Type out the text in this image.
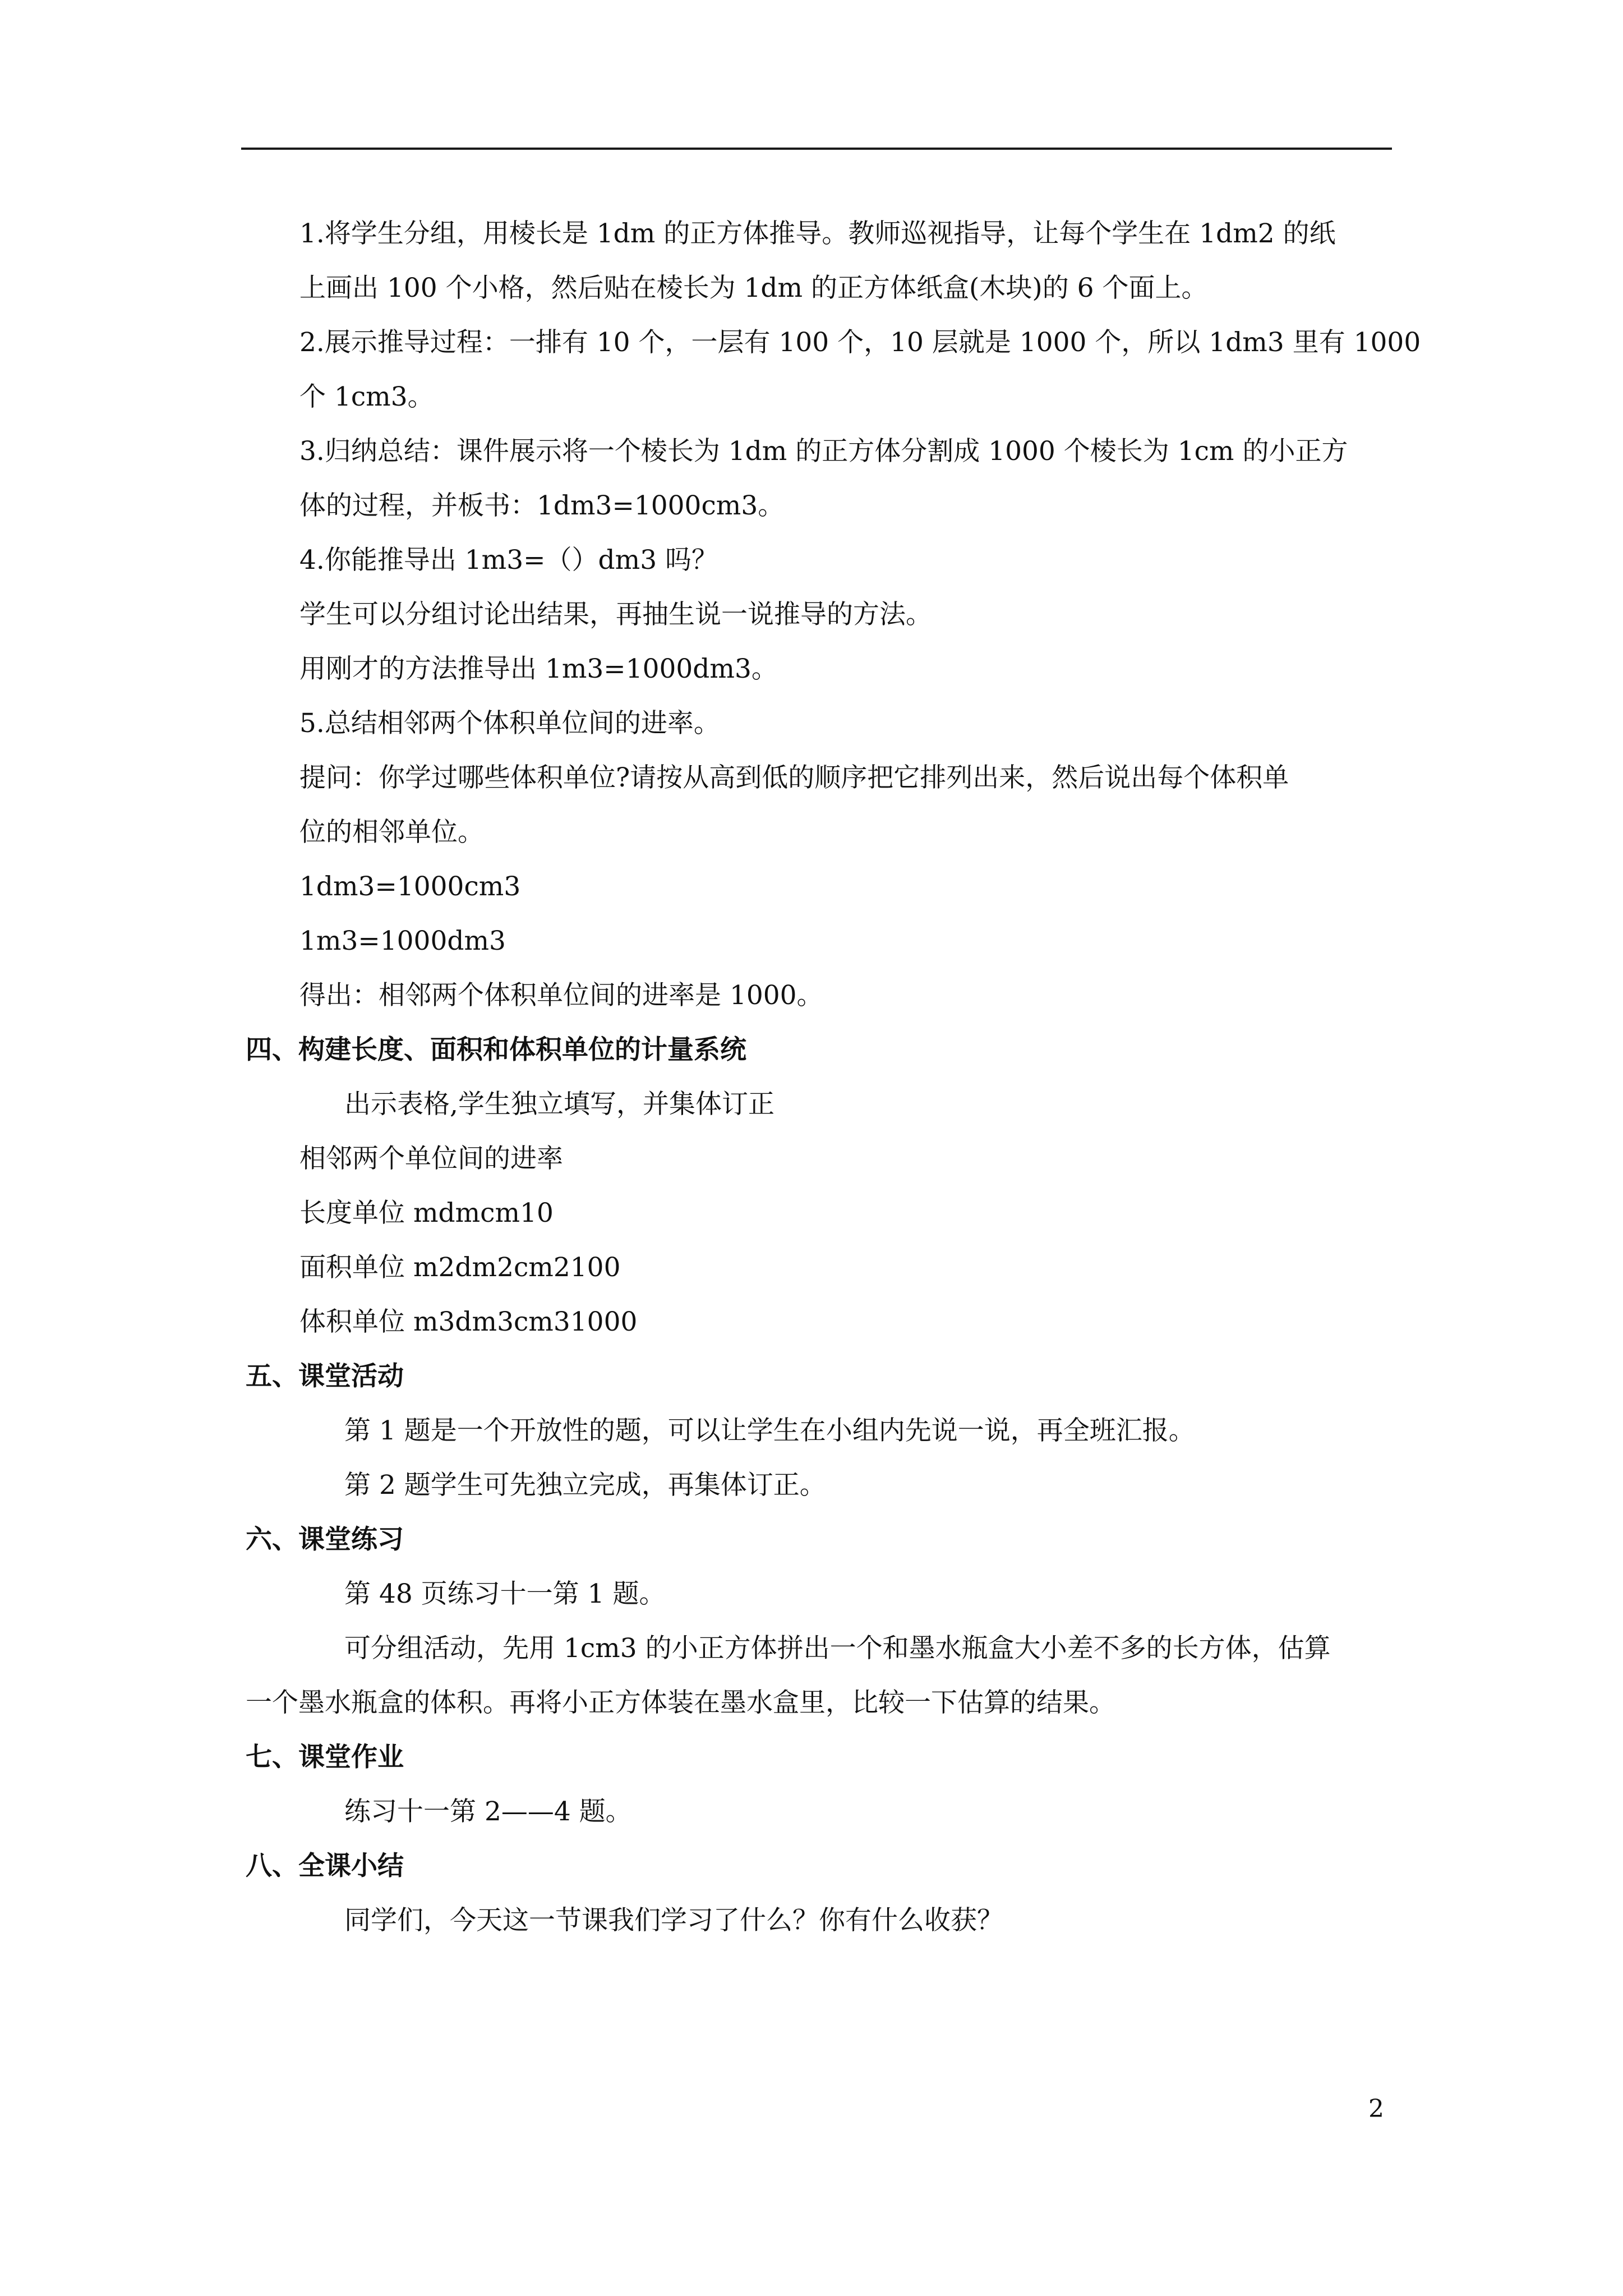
1.将学生分组，用棱长是 1dm 的正方体推导。教师巡视指导，让每个学生在 1dm2 的纸
上画出 100 个小格，然后贴在棱长为 1dm 的正方体纸盒(木块)的 6 个面上。
2.展示推导过程：一排有 10 个，一层有 100 个，10 层就是 1000 个，所以 1dm3 里有 1000
个 1cm3。
3.归纳总结：课件展示将一个棱长为 1dm 的正方体分割成 1000 个棱长为 1cm 的小正方
体的过程，并板书：1dm3=1000cm3。
4.你能推导出 1m3=（）dm3 吗？
学生可以分组讨论出结果，再抽生说一说推导的方法。
用刚才的方法推导出 1m3=1000dm3。
5.总结相邻两个体积单位间的进率。
提问：你学过哪些体积单位?请按从高到低的顺序把它排列出来，然后说出每个体积单
位的相邻单位。
1dm3=1000cm3
1m3=1000dm3
得出：相邻两个体积单位间的进率是 1000。
四、构建长度、面积和体积单位的计量系统
出示表格,学生独立填写，并集体订正
相邻两个单位间的进率
长度单位 mdmcm10
面积单位 m2dm2cm2100
体积单位 m3dm3cm31000
五、课堂活动
第 1 题是一个开放性的题，可以让学生在小组内先说一说，再全班汇报。
第 2 题学生可先独立完成，再集体订正。
六、课堂练习
第 48 页练习十一第 1 题。
可分组活动，先用 1cm3 的小正方体拼出一个和墨水瓶盒大小差不多的长方体，估算
一个墨水瓶盒的体积。再将小正方体装在墨水盒里，比较一下估算的结果。
七、课堂作业
练习十一第 2——4 题。
八、全课小结
同学们，今天这一节课我们学习了什么？你有什么收获？
2
